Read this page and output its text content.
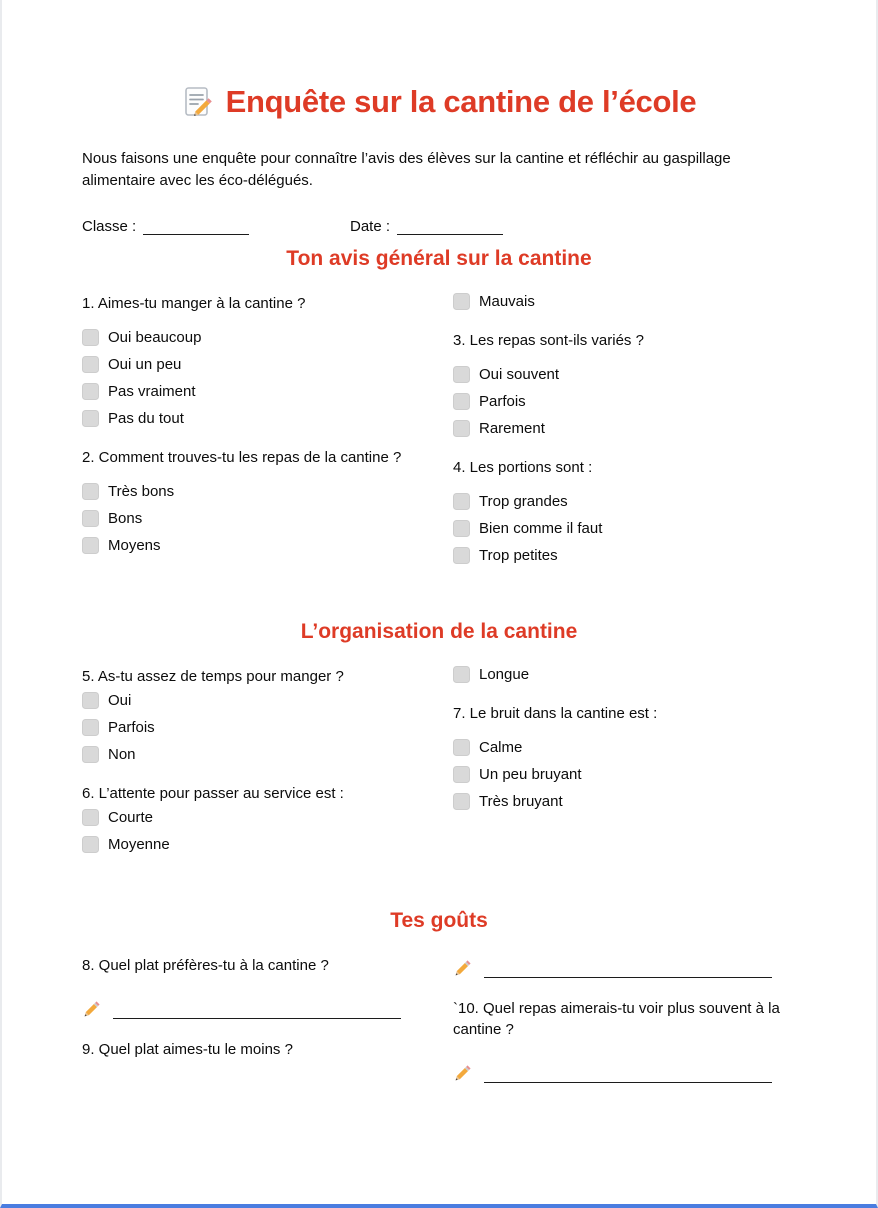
Enquête sur la cantine de l’école

Nous faisons une enquête pour connaître l’avis des élèves sur la cantine et réfléchir au gaspillage alimentaire avec les éco-délégués.

Classe :	Date :
Ton avis général sur la cantine

1. Aimes-tu manger à la cantine ?

Oui beaucoup
Oui un peu
Pas vraiment
Pas du tout

2. Comment trouves-tu les repas de la cantine ?

Très bons
Bons
Moyens
Mauvais

3. Les repas sont-ils variés ?

Oui souvent
Parfois
Rarement

4. Les portions sont :

Trop grandes
Bien comme il faut
Trop petites
L’organisation de la cantine

5. As-tu assez de temps pour manger ?

Oui
Parfois
Non

6. L’attente pour passer au service est :

Courte
Moyenne
Longue

7. Le bruit dans la cantine est :

Calme
Un peu bruyant
Très bruyant
Tes goûts

8. Quel plat préfères-tu à la cantine ?

9. Quel plat aimes-tu le moins ?

`10. Quel repas aimerais-tu voir plus souvent à la cantine ?
